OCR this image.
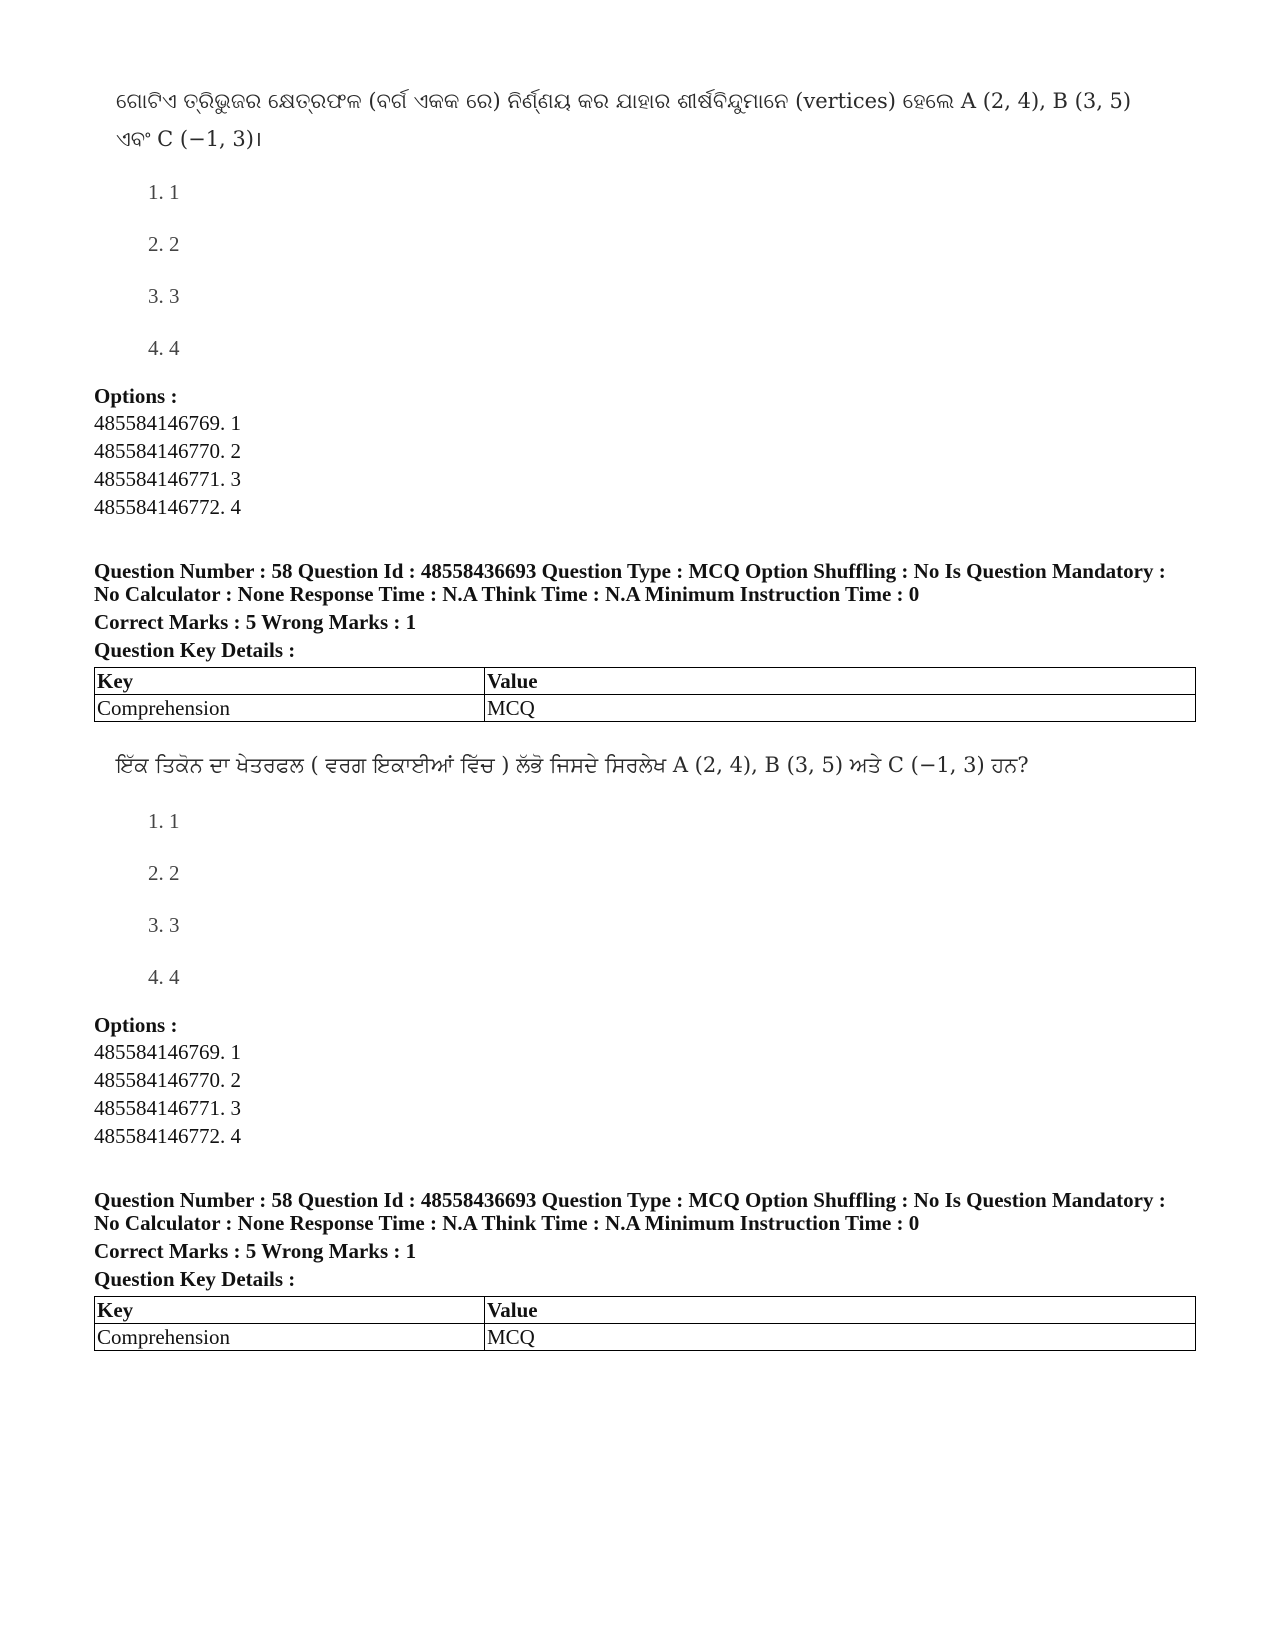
ଗୋଟିଏ ତ୍ରିଭୁଜର କ୍ଷେତ୍ରଫଳ (ବର୍ଗ ଏକକ ରେ) ନିର୍ଣ୍ଣୟ କର ଯାହାର ଶୀର୍ଷବିନ୍ଦୁମାନେ (vertices) ହେଲେ A (2, 4), B (3, 5) ଏବଂ C (−1, 3)।
1. 1
2. 2
3. 3
4. 4
Options :
485584146769. 1
485584146770. 2
485584146771. 3
485584146772. 4
Question Number : 58 Question Id : 48558436693 Question Type : MCQ Option Shuffling : No Is Question Mandatory :
No Calculator : None Response Time : N.A Think Time : N.A Minimum Instruction Time : 0
Correct Marks : 5 Wrong Marks : 1
Question Key Details :
Key	Value
Comprehension	MCQ
ਇੱਕ ਤਿਕੋਨ ਦਾ ਖੇਤਰਫਲ ( ਵਰਗ ਇਕਾਈਆਂ ਵਿੱਚ ) ਲੱਭੋ ਜਿਸਦੇ ਸਿਰਲੇਖ A (2, 4), B (3, 5) ਅਤੇ C (−1, 3) ਹਨ?
1. 1
2. 2
3. 3
4. 4
Options :
485584146769. 1
485584146770. 2
485584146771. 3
485584146772. 4
Question Number : 58 Question Id : 48558436693 Question Type : MCQ Option Shuffling : No Is Question Mandatory :
No Calculator : None Response Time : N.A Think Time : N.A Minimum Instruction Time : 0
Correct Marks : 5 Wrong Marks : 1
Question Key Details :
Key	Value
Comprehension	MCQ
